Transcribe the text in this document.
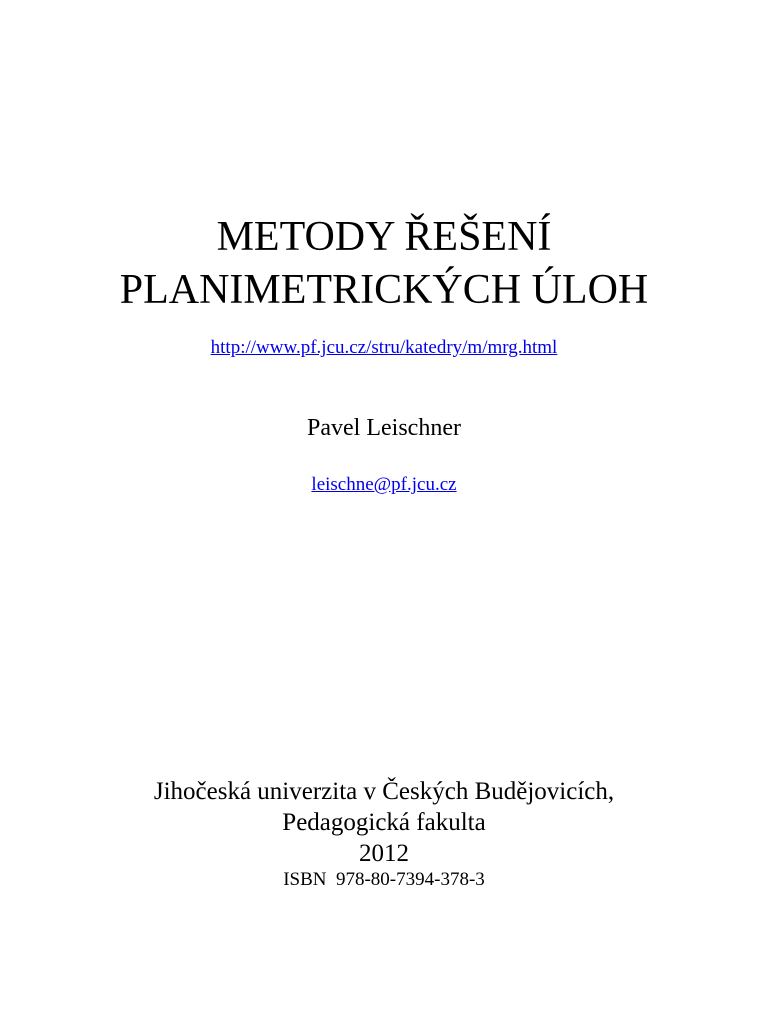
METODY ŘEŠENÍ
PLANIMETRICKÝCH ÚLOH
http://www.pf.jcu.cz/stru/katedry/m/mrg.html
Pavel Leischner
leischne@pf.jcu.cz
Jihočeská univerzita v Českých Budějovicích,
Pedagogická fakulta
2012
ISBN  978-80-7394-378-3
